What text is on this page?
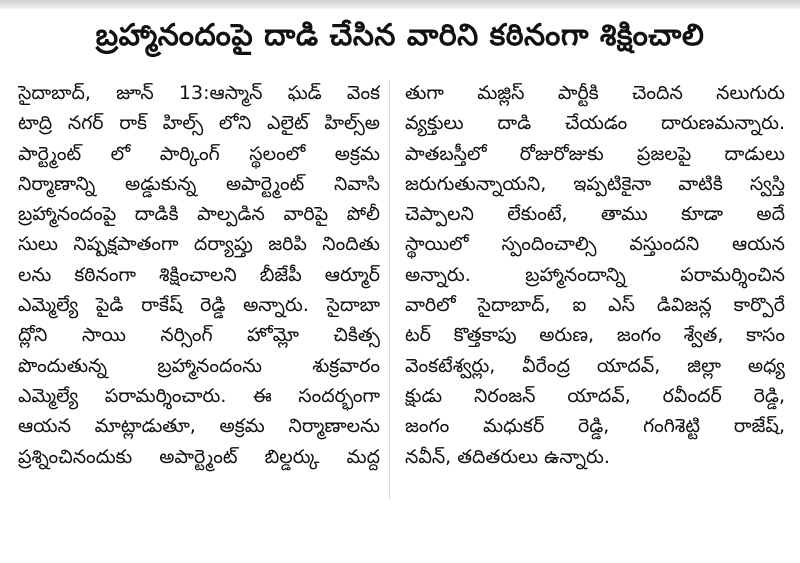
బ్రహ్మానందంపై దాడి చేసిన వారిని కఠినంగా శిక్షించాలి
సైదాబాద్, జూన్ 13:ఆస్మాన్ ఘడ్ వెంక
టాద్రి నగర్ రాక్ హిల్స్ లోని ఎలైట్ హిల్స్అ
పార్ట్మెంట్ లో పార్కింగ్ స్థలంలో అక్రమ
నిర్మాణాన్ని అడ్డుకున్న అపార్ట్మెంట్ నివాసి
బ్రహ్మానందంపై దాడికి పాల్పడిన వారిపై పోలీ
సులు నిష్పక్షపాతంగా దర్యాప్తు జరిపి నిందితు
లను కఠినంగా శిక్షించాలని బీజేపీ ఆర్మూర్
ఎమ్మెల్యే పైడి రాకేష్ రెడ్డి అన్నారు. సైదాబా
ద్లోని సాయి నర్సింగ్ హోమ్లో చికిత్స
పొందుతున్న బ్రహ్మానందంను శుక్రవారం
ఎమ్మెల్యే పరామర్శించారు. ఈ సందర్భంగా
ఆయన మాట్లాడుతూ, అక్రమ నిర్మాణాలను
ప్రశ్నించినందుకు అపార్ట్మెంట్ బిల్డర్కు మద్ద
తుగా మజ్లిస్ పార్టీకి చెందిన నలుగురు
వ్యక్తులు దాడి చేయడం దారుణమన్నారు.
పాతబస్తీలో రోజురోజుకు ప్రజలపై దాడులు
జరుగుతున్నాయని, ఇప్పటికైనా వాటికి స్వస్తి
చెప్పాలని లేకుంటే, తాము కూడా అదే
స్థాయిలో స్పందించాల్సి వస్తుందని ఆయన
అన్నారు. బ్రహ్మానందాన్ని పరామర్శించిన
వారిలో సైదాబాద్, ఐ ఎస్ డివిజన్ల కార్పొరే
టర్ కొత్తకాపు అరుణ, జంగం శ్వేత, కాసం
వెంకటేశ్వర్లు, వీరేంద్ర యాదవ్, జిల్లా అధ్య
క్షుడు నిరంజన్ యాదవ్, రవీందర్ రెడ్డి,
జంగం మధుకర్ రెడ్డి, గంగిశెట్టి రాజేష్,
నవీన్, తదితరులు ఉన్నారు.
